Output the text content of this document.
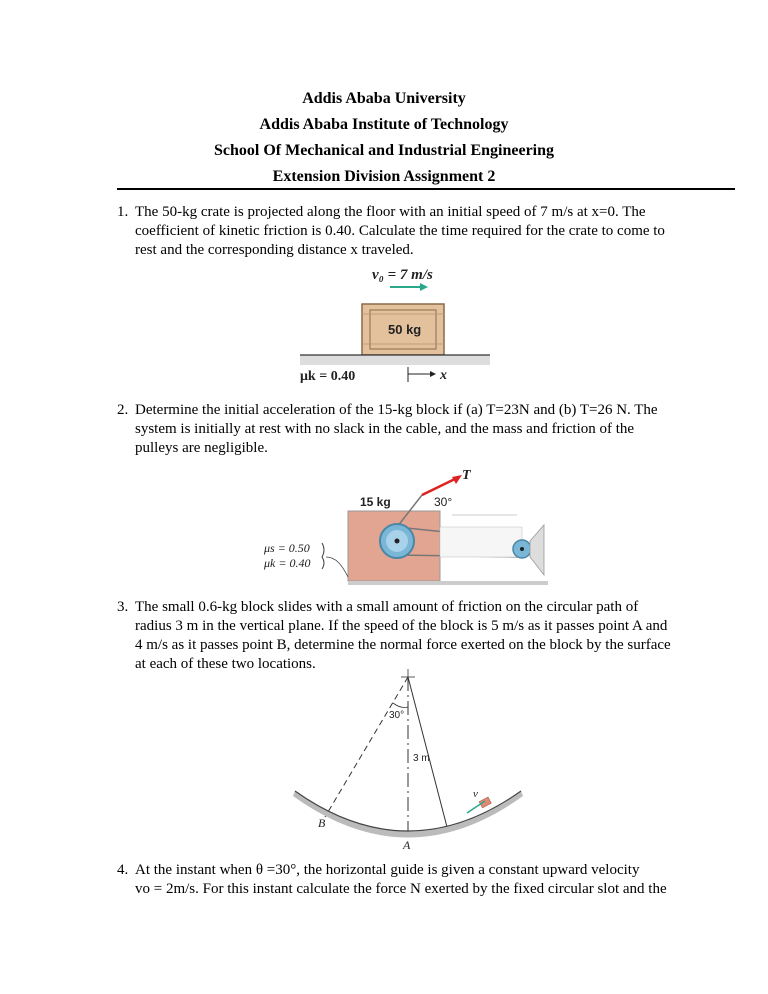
Addis Ababa University
Addis Ababa Institute of Technology
School Of Mechanical and Industrial Engineering
Extension Division Assignment 2
1. The 50-kg crate is projected along the floor with an initial speed of 7 m/s at x=0. The
coefficient of kinetic friction is 0.40. Calculate the time required for the crate to come to
rest and the corresponding distance x traveled.
v₀ = 7 m/s
50 kg
μk = 0.40	x
2. Determine the initial acceleration of the 15-kg block if (a) T=23N and (b) T=26 N. The
system is initially at rest with no slack in the cable, and the mass and friction of the
pulleys are negligible.
T
15 kg	30°
μs = 0.50
μk = 0.40
3. The small 0.6-kg block slides with a small amount of friction on the circular path of
radius 3 m in the vertical plane. If the speed of the block is 5 m/s as it passes point A and
4 m/s as it passes point B, determine the normal force exerted on the block by the surface
at each of these two locations.
30°
3 m
v
B
A
4. At the instant when θ =30°, the horizontal guide is given a constant upward velocity
vo = 2m/s. For this instant calculate the force N exerted by the fixed circular slot and the
